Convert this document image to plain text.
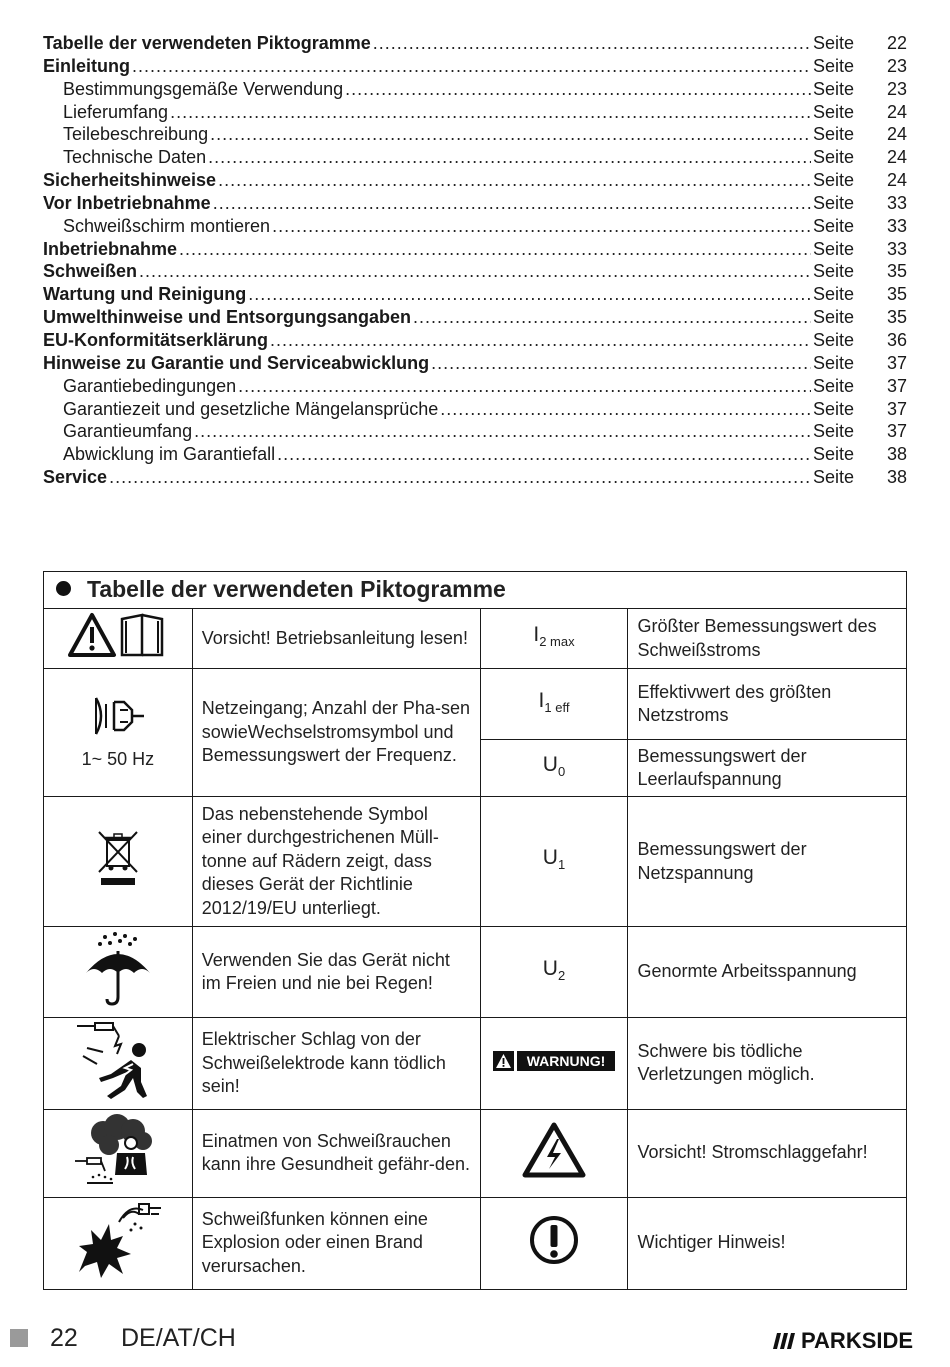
Tabelle der verwendeten Piktogramme .....	Seite	22
Einleitung .....	Seite	23
Bestimmungsgemäße Verwendung .....	Seite	23
Lieferumfang .....	Seite	24
Teilebeschreibung .....	Seite	24
Technische Daten .....	Seite	24
Sicherheitshinweise .....	Seite	24
Vor Inbetriebnahme .....	Seite	33
Schweißschirm montieren .....	Seite	33
Inbetriebnahme .....	Seite	33
Schweißen .....	Seite	35
Wartung und Reinigung .....	Seite	35
Umwelthinweise und Entsorgungsangaben .....	Seite	35
EU-Konformitätserklärung .....	Seite	36
Hinweise zu Garantie und Serviceabwicklung .....	Seite	37
Garantiebedingungen .....	Seite	37
Garantiezeit und gesetzliche Mängelansprüche .....	Seite	37
Garantieumfang .....	Seite	37
Abwicklung im Garantiefall .....	Seite	38
Service .....	Seite	38
Tabelle der verwendeten Piktogramme			
	Vorsicht! Betriebsanleitung lesen!	$I_{2 max}$	Größter Bemessungswert des Schweißstroms

1~ 50 Hz	Netzeingang; Anzahl der Pha-sen sowieWechselstromsymbol und Bemessungswert der Frequenz.	$I_{1 eff}$	Effektivwert des größten Netzstroms
		$U_0$	Bemessungswert der Leerlaufspannung
	Das nebenstehende Symbol einer durchgestrichenen Müll-tonne auf Rädern zeigt, dass dieses Gerät der Richtlinie 2012/19/EU unterliegt.	$U_1$	Bemessungswert der Netzspannung
	Verwenden Sie das Gerät nicht im Freien und nie bei Regen!	$U_2$	Genormte Arbeitsspannung
	Elektrischer Schlag von der Schweißelektrode kann tödlich sein!	WARNUNG!	Schwere bis tödliche Verletzungen möglich.
	Einatmen von Schweißrauchen kann ihre Gesundheit gefähr-den.		Vorsicht! Stromschlaggefahr!
	Schweißfunken können eine Explosion oder einen Brand verursachen.		Wichtiger Hinweis!
22 DE/AT/CH	PARKSIDE
